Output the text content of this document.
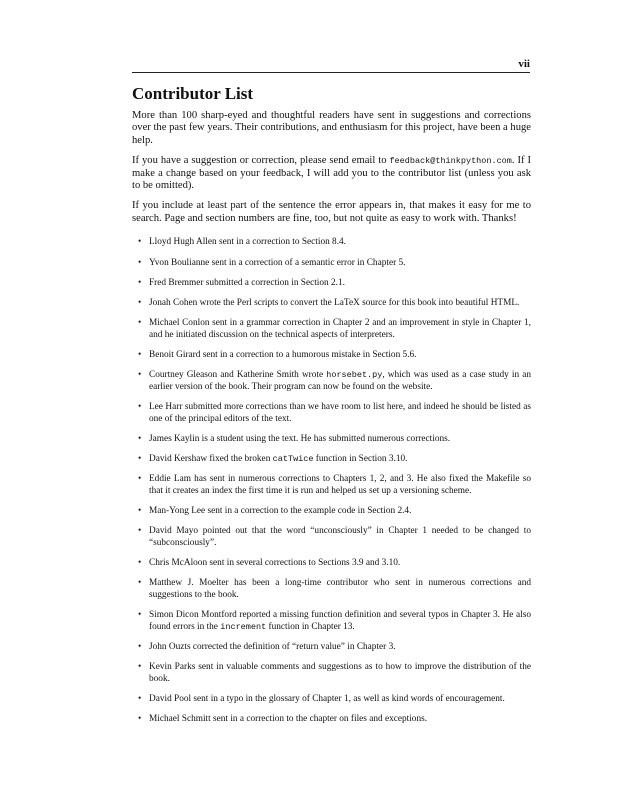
vii
Contributor List

More than 100 sharp-eyed and thoughtful readers have sent in suggestions and corrections over the past few years. Their contributions, and enthusiasm for this project, have been a huge help.

If you have a suggestion or correction, please send email to feedback@thinkpython.com. If I make a change based on your feedback, I will add you to the contributor list (unless you ask to be omitted).

If you include at least part of the sentence the error appears in, that makes it easy for me to search. Page and section numbers are fine, too, but not quite as easy to work with. Thanks!

• Lloyd Hugh Allen sent in a correction to Section 8.4.
• Yvon Boulianne sent in a correction of a semantic error in Chapter 5.
• Fred Bremmer submitted a correction in Section 2.1.
• Jonah Cohen wrote the Perl scripts to convert the LaTeX source for this book into beautiful HTML.
• Michael Conlon sent in a grammar correction in Chapter 2 and an improvement in style in Chapter 1, and he initiated discussion on the technical aspects of interpreters.
• Benoit Girard sent in a correction to a humorous mistake in Section 5.6.
• Courtney Gleason and Katherine Smith wrote horsebet.py, which was used as a case study in an earlier version of the book. Their program can now be found on the website.
• Lee Harr submitted more corrections than we have room to list here, and indeed he should be listed as one of the principal editors of the text.
• James Kaylin is a student using the text. He has submitted numerous corrections.
• David Kershaw fixed the broken catTwice function in Section 3.10.
• Eddie Lam has sent in numerous corrections to Chapters 1, 2, and 3. He also fixed the Makefile so that it creates an index the first time it is run and helped us set up a versioning scheme.
• Man-Yong Lee sent in a correction to the example code in Section 2.4.
• David Mayo pointed out that the word “unconsciously” in Chapter 1 needed to be changed to “subconsciously”.
• Chris McAloon sent in several corrections to Sections 3.9 and 3.10.
• Matthew J. Moelter has been a long-time contributor who sent in numerous corrections and suggestions to the book.
• Simon Dicon Montford reported a missing function definition and several typos in Chapter 3. He also found errors in the increment function in Chapter 13.
• John Ouzts corrected the definition of “return value” in Chapter 3.
• Kevin Parks sent in valuable comments and suggestions as to how to improve the distribution of the book.
• David Pool sent in a typo in the glossary of Chapter 1, as well as kind words of encouragement.
• Michael Schmitt sent in a correction to the chapter on files and exceptions.
